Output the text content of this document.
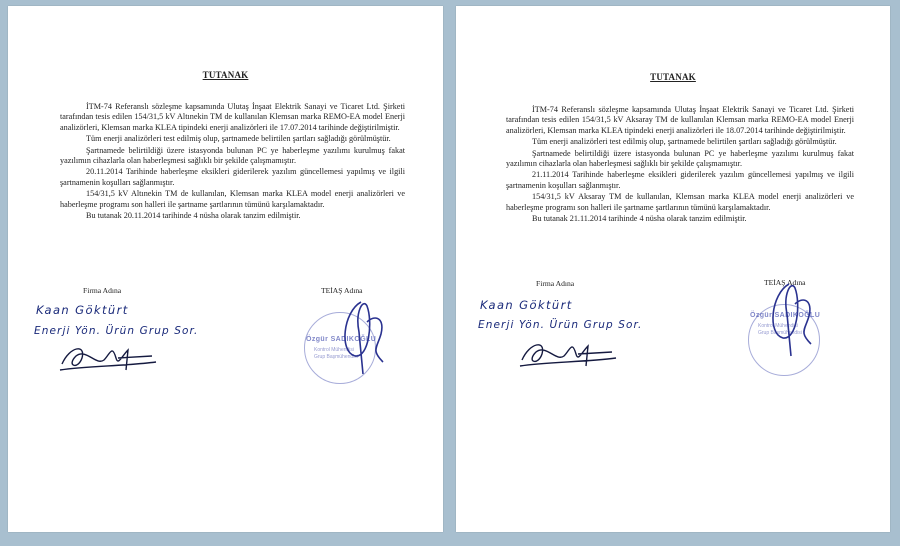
TUTANAK

İTM-74 Referanslı sözleşme kapsamında Ulutaş İnşaat Elektrik Sanayi ve Ticaret Ltd. Şirketi tarafından tesis edilen 154/31,5 kV Altınekin TM de kullanılan Klemsan marka REMO-EA model Enerji analizörleri, Klemsan marka KLEA tipindeki enerji analizörleri ile 17.07.2014 tarihinde değiştirilmiştir.

Tüm enerji analizörleri test edilmiş olup, şartnamede belirtilen şartları sağladığı görülmüştür.

Şartnamede belirtildiği üzere istasyonda bulunan PC ye haberleşme yazılımı kurulmuş fakat yazılımın cihazlarla olan haberleşmesi sağlıklı bir şekilde çalışmamıştır.

20.11.2014 Tarihinde haberleşme eksikleri giderilerek yazılım güncellemesi yapılmış ve ilgili şartnamenin koşulları sağlanmıştır.

154/31,5 kV Altınekin TM de kullanılan, Klemsan marka KLEA model enerji analizörleri ve haberleşme programı son halleri ile şartname şartlarının tümünü karşılamaktadır.

Bu tutanak 20.11.2014 tarihinde 4 nüsha olarak tanzim edilmiştir.

Firma Adına	TEİAŞ Adına
Kaan Göktürt
Enerji Yön. Ürün Grup Sor.
Özgür SADIKOĞLU
Kontrol Mühendisi
Grup Başmühendisi
TUTANAK

İTM-74 Referanslı sözleşme kapsamında Ulutaş İnşaat Elektrik Sanayi ve Ticaret Ltd. Şirketi tarafından tesis edilen 154/31,5 kV Aksaray TM de kullanılan Klemsan marka REMO-EA model Enerji analizörleri, Klemsan marka KLEA tipindeki enerji analizörleri ile 18.07.2014 tarihinde değiştirilmiştir.

Tüm enerji analizörleri test edilmiş olup, şartnamede belirtilen şartları sağladığı görülmüştür.

Şartnamede belirtildiği üzere istasyonda bulunan PC ye haberleşme yazılımı kurulmuş fakat yazılımın cihazlarla olan haberleşmesi sağlıklı bir şekilde çalışmamıştır.

21.11.2014 Tarihinde haberleşme eksikleri giderilerek yazılım güncellemesi yapılmış ve ilgili şartnamenin koşulları sağlanmıştır.

154/31,5 kV Aksaray TM de kullanılan, Klemsan marka KLEA model enerji analizörleri ve haberleşme programı son halleri ile şartname şartlarının tümünü karşılamaktadır.

Bu tutanak 21.11.2014 tarihinde 4 nüsha olarak tanzim edilmiştir.

Firma Adına	TEİAŞ Adına
Kaan Göktürt
Enerji Yön. Ürün Grup Sor.
Özgür SADIKOĞLU
Kontrol Mühendisi
Grup Başmühendisi
